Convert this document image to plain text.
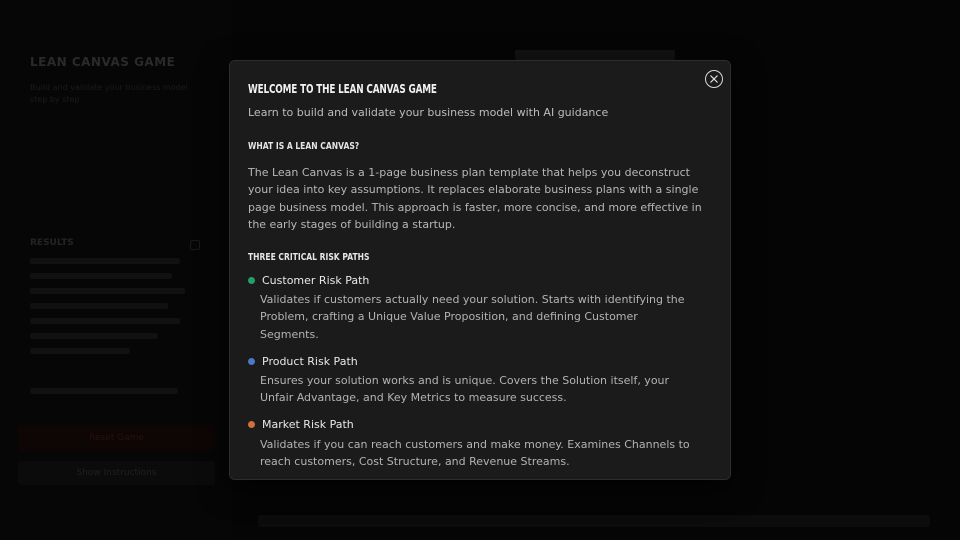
LEAN CANVAS GAME
Build and validate your business model step by step
RESULTS
Reset Game
Show Instructions
WELCOME TO THE LEAN CANVAS GAME
Learn to build and validate your business model with AI guidance
WHAT IS A LEAN CANVAS?
The Lean Canvas is a 1-page business plan template that helps you deconstruct your idea into key assumptions. It replaces elaborate business plans with a single page business model. This approach is faster, more concise, and more effective in the early stages of building a startup.
THREE CRITICAL RISK PATHS
Customer Risk Path
Validates if customers actually need your solution. Starts with identifying the Problem, crafting a Unique Value Proposition, and defining Customer Segments.
Product Risk Path
Ensures your solution works and is unique. Covers the Solution itself, your Unfair Advantage, and Key Metrics to measure success.
Market Risk Path
Validates if you can reach customers and make money. Examines Channels to reach customers, Cost Structure, and Revenue Streams.
